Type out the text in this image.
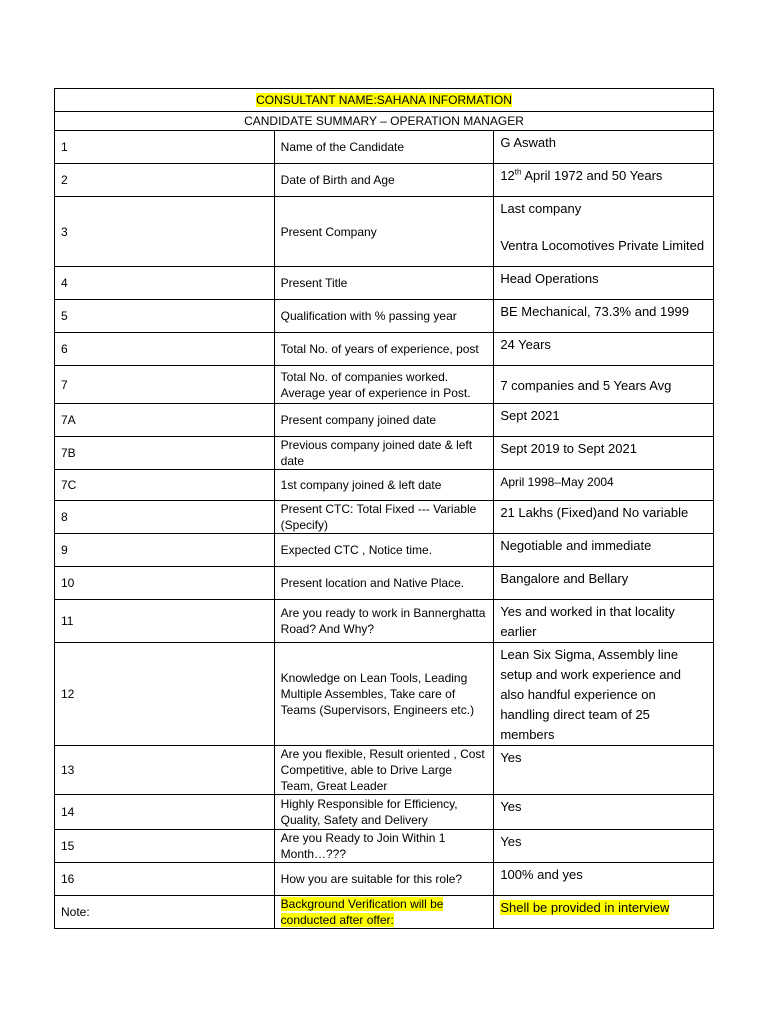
CONSULTANT NAME:SAHANA INFORMATION		
CANDIDATE SUMMARY – OPERATION MANAGER		
1	Name of the Candidate	G Aswath
2	Date of Birth and Age	12th April 1972 and 50 Years
3	Present Company	Last company
Ventra Locomotives Private Limited

4	Present Title	Head Operations
5	Qualification with % passing year	BE Mechanical, 73.3% and 1999
6	Total No. of years of experience, post	24 Years
7	Total No. of companies worked. Average year of experience in Post.	7 companies and 5 Years Avg
7A	Present company joined date	Sept 2021
7B	Previous company joined date & left date	Sept 2019 to Sept 2021
7C	1st company joined & left date	April 1998–May 2004
8	Present CTC: Total Fixed --- Variable (Specify)	21 Lakhs (Fixed)and No variable
9	Expected CTC , Notice time.	Negotiable and immediate
10	Present location and Native Place.	Bangalore and Bellary
11	Are you ready to work in Bannerghatta Road? And Why?	Yes and worked in that locality earlier
12	Knowledge on Lean Tools, Leading Multiple Assembles, Take care of Teams (Supervisors, Engineers etc.)	Lean Six Sigma, Assembly line setup and work experience and also handful experience on handling direct team of 25 members
13	Are you flexible, Result oriented , Cost Competitive, able to Drive Large Team, Great Leader	Yes
14	Highly Responsible for Efficiency, Quality, Safety and Delivery	Yes
15	Are you Ready to Join Within 1 Month…???	Yes
16	How you are suitable for this role?	100% and yes
Note:	Background Verification will be conducted after offer:	Shell be provided in interview
